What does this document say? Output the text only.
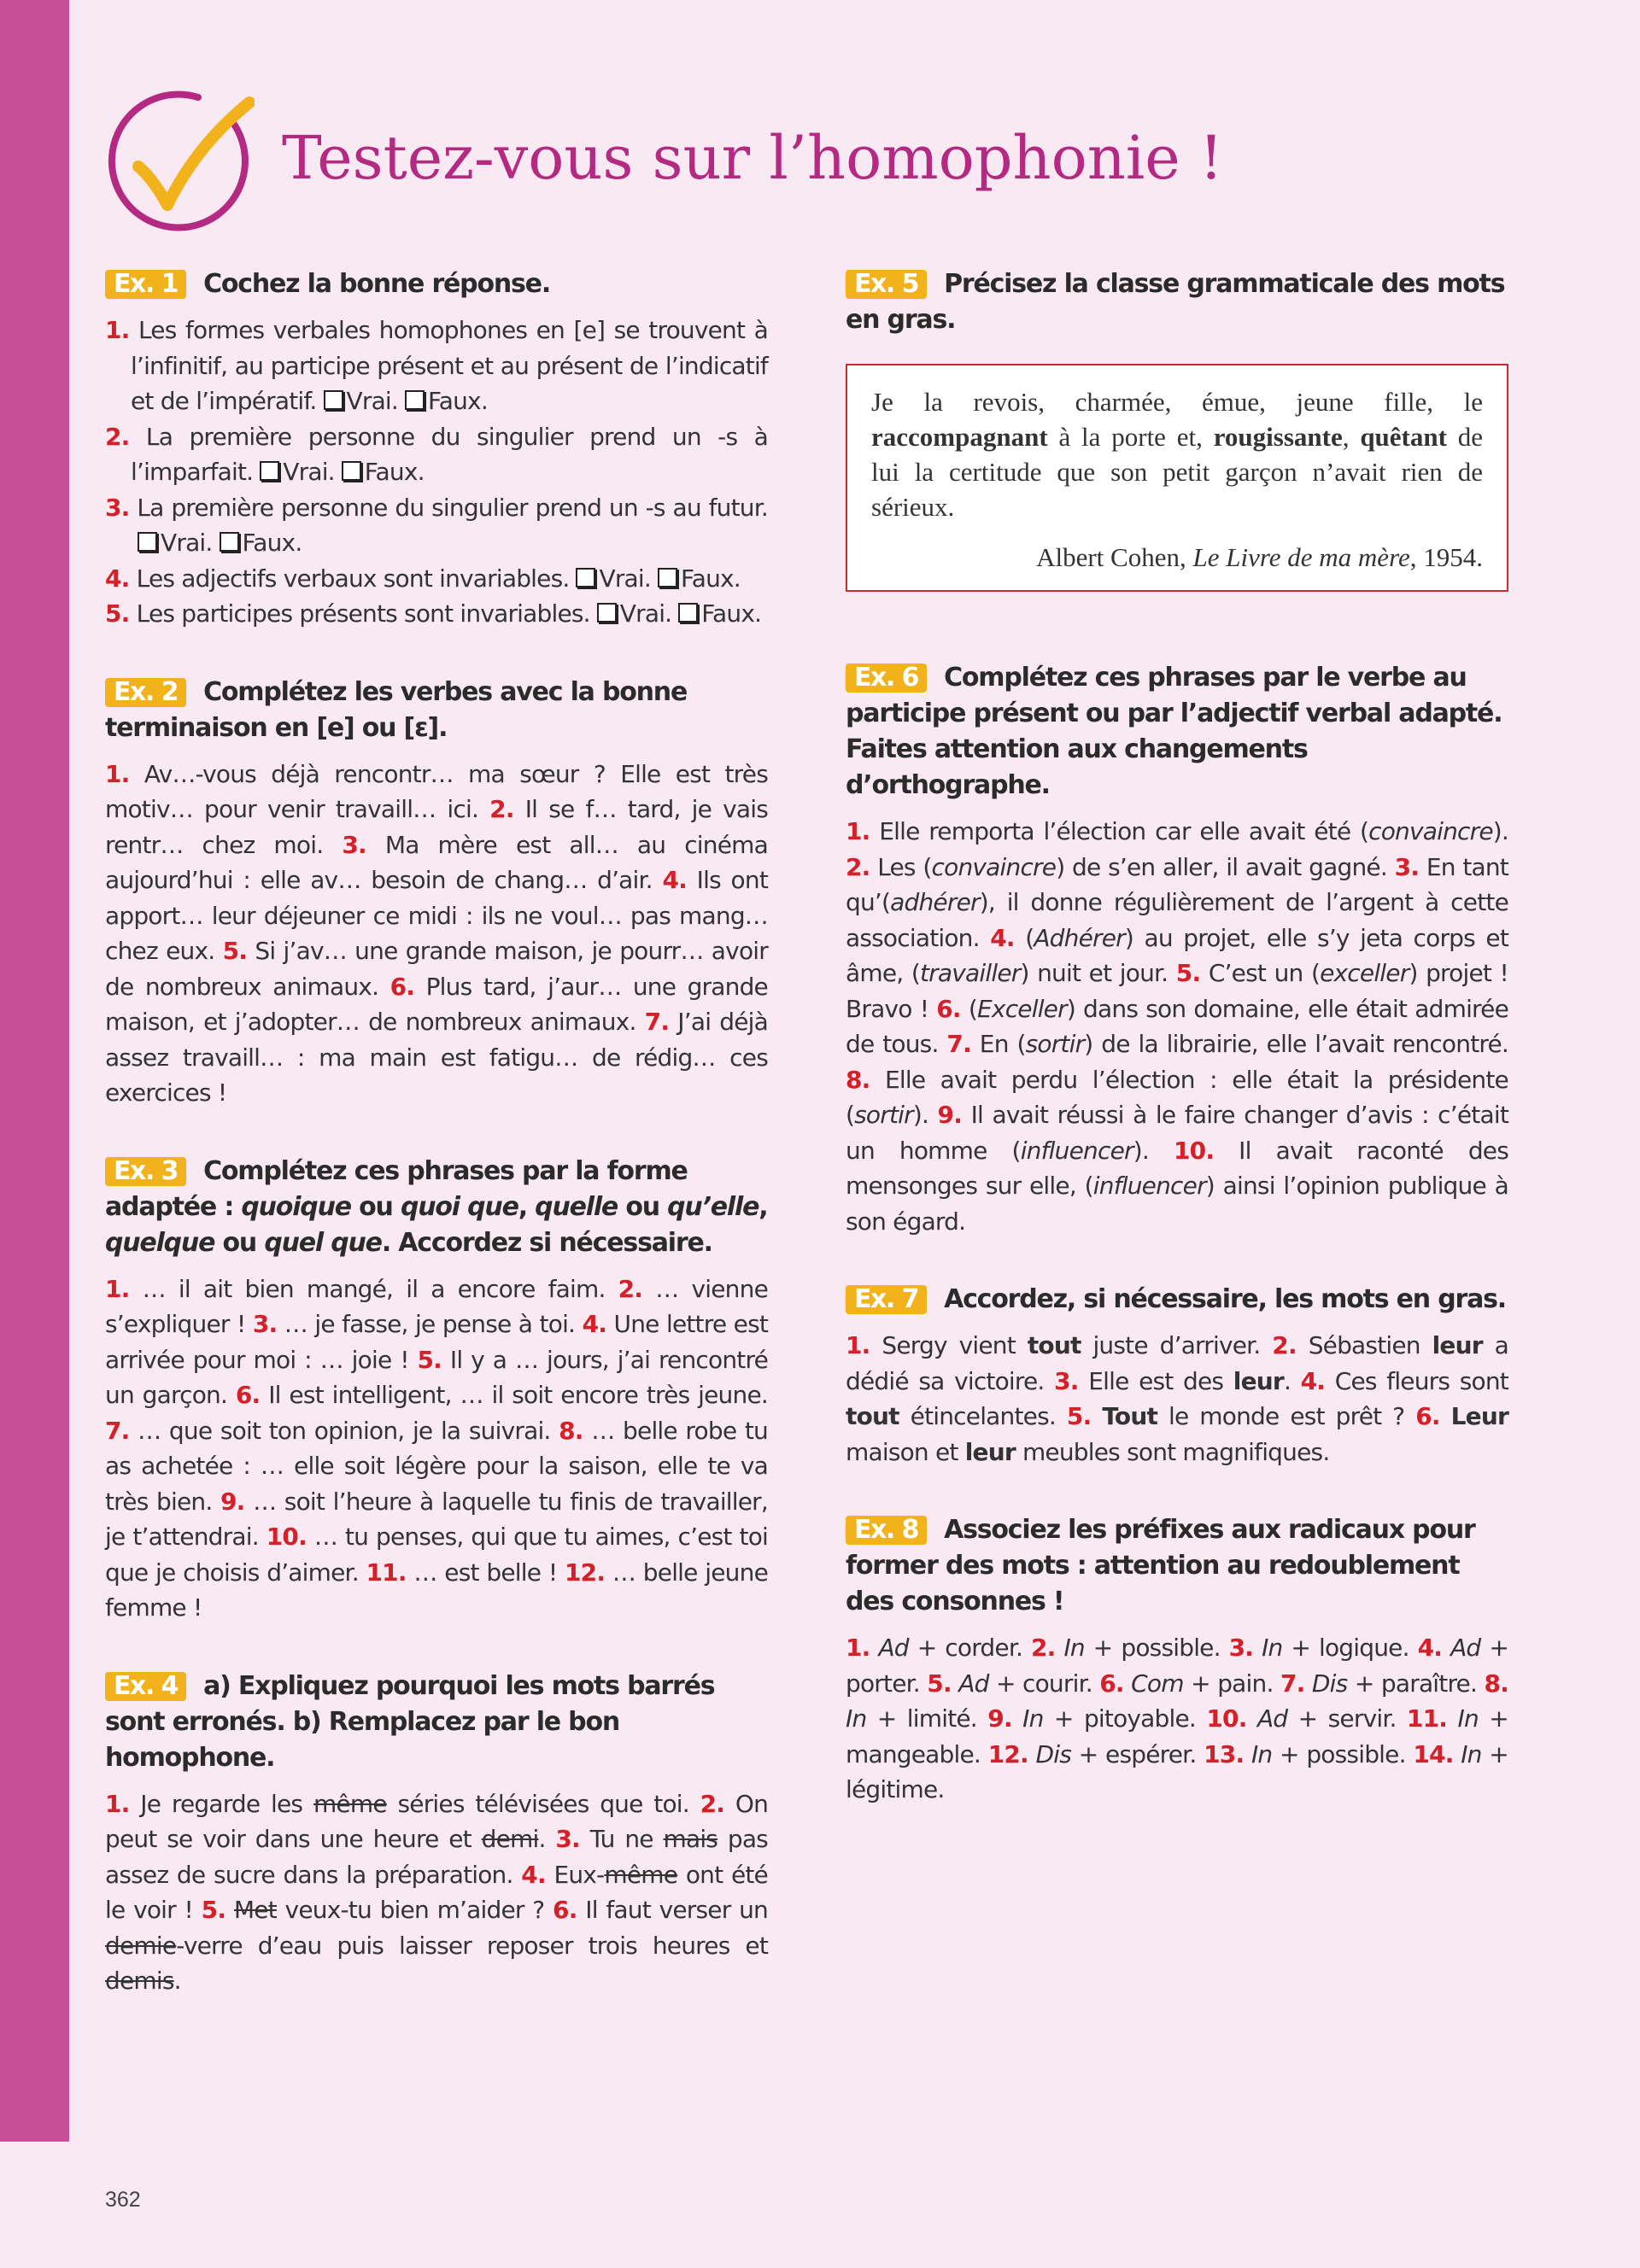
Testez-vous sur l’homophonie !

Ex. 1 Cochez la bonne réponse.

1. Les formes verbales homophones en [e] se trouvent à l’infinitif, au participe présent et au présent de l’indicatif et de l’impératif. Vrai. Faux.
2. La première personne du singulier prend un -s à l’imparfait. Vrai. Faux.
3. La première personne du singulier prend un -s au futur.Vrai. Faux.
4. Les adjectifs verbaux sont invariables. Vrai. Faux.
5. Les participes présents sont invariables. Vrai. Faux.

Ex. 2 Complétez les verbes avec la bonne terminaison en [e] ou [ε].

1. Av…-vous déjà rencontr… ma sœur ? Elle est très motiv… pour venir travaill… ici. 2. Il se f… tard, je vais rentr… chez moi. 3. Ma mère est all… au cinéma aujourd’hui : elle av… besoin de chang… d’air. 4. Ils ont apport… leur déjeuner ce midi : ils ne voul… pas mang… chez eux. 5. Si j’av… une grande maison, je pourr… avoir de nombreux animaux. 6. Plus tard, j’aur… une grande maison, et j’adopter… de nombreux animaux. 7. J’ai déjà assez travaill… : ma main est fatigu… de rédig… ces exercices !

Ex. 3 Complétez ces phrases par la forme adaptée : quoique ou quoi que, quelle ou qu’elle, quelque ou quel que. Accordez si nécessaire.

1. … il ait bien mangé, il a encore faim. 2. … vienne s’expliquer ! 3. … je fasse, je pense à toi. 4. Une lettre est arrivée pour moi : … joie ! 5. Il y a … jours, j’ai rencontré un garçon. 6. Il est intelligent, … il soit encore très jeune. 7. … que soit ton opinion, je la suivrai. 8. … belle robe tu as achetée : … elle soit légère pour la saison, elle te va très bien. 9. … soit l’heure à laquelle tu finis de travailler, je t’attendrai. 10. … tu penses, qui que tu aimes, c’est toi que je choisis d’aimer. 11. … est belle ! 12. … belle jeune femme !

Ex. 4 a) Expliquez pourquoi les mots barrés sont erronés. b) Remplacez par le bon homophone.

1. Je regarde les même séries télévisées que toi. 2. On peut se voir dans une heure et demi. 3. Tu ne mais pas assez de sucre dans la préparation. 4. Eux-même ont été le voir ! 5. Met veux-tu bien m’aider ? 6. Il faut verser un demie-verre d’eau puis laisser reposer trois heures et demis.

Ex. 5 Précisez la classe grammaticale des mots en gras.

Je la revois, charmée, émue, jeune fille, le raccompagnant à la porte et, rougissante, quêtant de lui la certitude que son petit garçon n’avait rien de sérieux.
Albert Cohen, Le Livre de ma mère, 1954.

Ex. 6 Complétez ces phrases par le verbe au participe présent ou par l’adjectif verbal adapté. Faites attention aux changements d’orthographe.

1. Elle remporta l’élection car elle avait été (convaincre). 2. Les (convaincre) de s’en aller, il avait gagné. 3. En tant qu’(adhérer), il donne régulièrement de l’argent à cette association. 4. (Adhérer) au projet, elle s’y jeta corps et âme, (travailler) nuit et jour. 5. C’est un (exceller) projet ! Bravo ! 6. (Exceller) dans son domaine, elle était admirée de tous. 7. En (sortir) de la librairie, elle l’avait rencontré. 8. Elle avait perdu l’élection : elle était la présidente (sortir). 9. Il avait réussi à le faire changer d’avis : c’était un homme (influencer). 10. Il avait raconté des mensonges sur elle, (influencer) ainsi l’opinion publique à son égard.

Ex. 7 Accordez, si nécessaire, les mots en gras.

1. Sergy vient tout juste d’arriver. 2. Sébastien leur a dédié sa victoire. 3. Elle est des leur. 4. Ces fleurs sont tout étincelantes. 5. Tout le monde est prêt ? 6. Leur maison et leur meubles sont magnifiques.

Ex. 8 Associez les préfixes aux radicaux pour former des mots : attention au redoublement des consonnes !

1. Ad + corder. 2. In + possible. 3. In + logique. 4. Ad + porter. 5. Ad + courir. 6. Com + pain. 7. Dis + paraître. 8. In + limité. 9. In + pitoyable. 10. Ad + servir. 11. In + mangeable. 12. Dis + espérer. 13. In + possible. 14. In + légitime.

362
